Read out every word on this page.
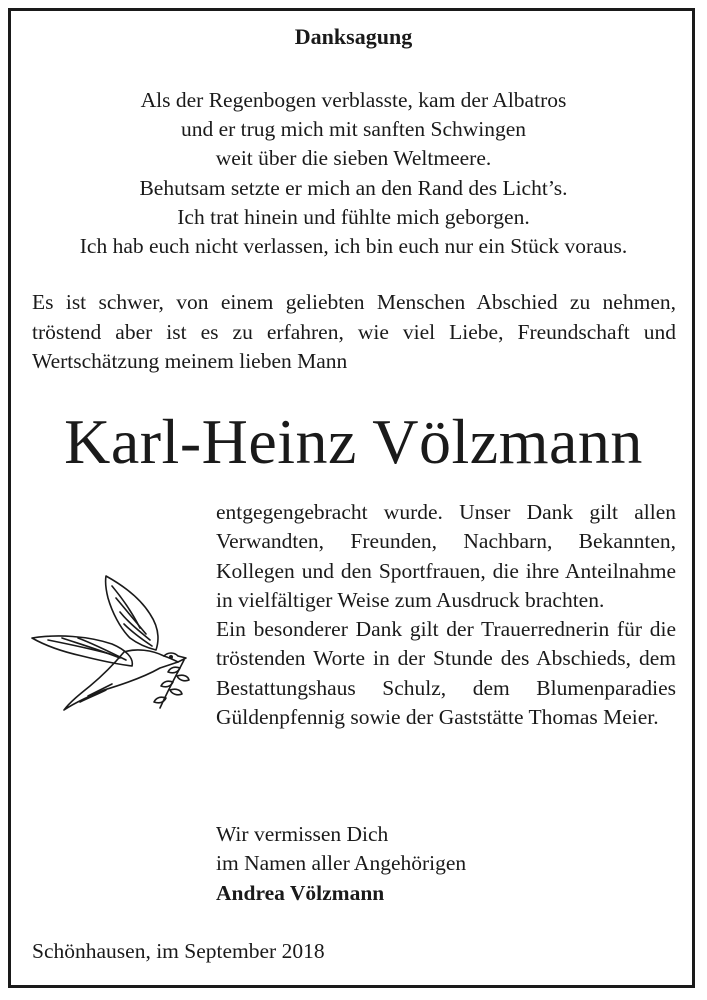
Danksagung
Als der Regenbogen verblasste, kam der Albatros
und er trug mich mit sanften Schwingen
weit über die sieben Weltmeere.
Behutsam setzte er mich an den Rand des Licht’s.
Ich trat hinein und fühlte mich geborgen.
Ich hab euch nicht verlassen, ich bin euch nur ein Stück voraus.
Es ist schwer, von einem geliebten Menschen Abschied zu nehmen, tröstend aber ist es zu erfahren, wie viel Liebe, Freundschaft und Wertschätzung meinem lieben Mann
Karl-Heinz Völzmann

entgegengebracht wurde. Unser Dank gilt allen Verwandten, Freunden, Nachbarn, Bekannten, Kollegen und den Sportfrauen, die ihre Anteilnahme in vielfältiger Weise zum Ausdruck brachten.

Ein besonderer Dank gilt der Trauerrednerin für die tröstenden Worte in der Stunde des Abschieds, dem Bestattungshaus Schulz, dem Blumenparadies Güldenpfennig sowie der Gaststätte Thomas Meier.

Wir vermissen Dich
im Namen aller Angehörigen
Andrea Völzmann
Schönhausen, im September 2018
